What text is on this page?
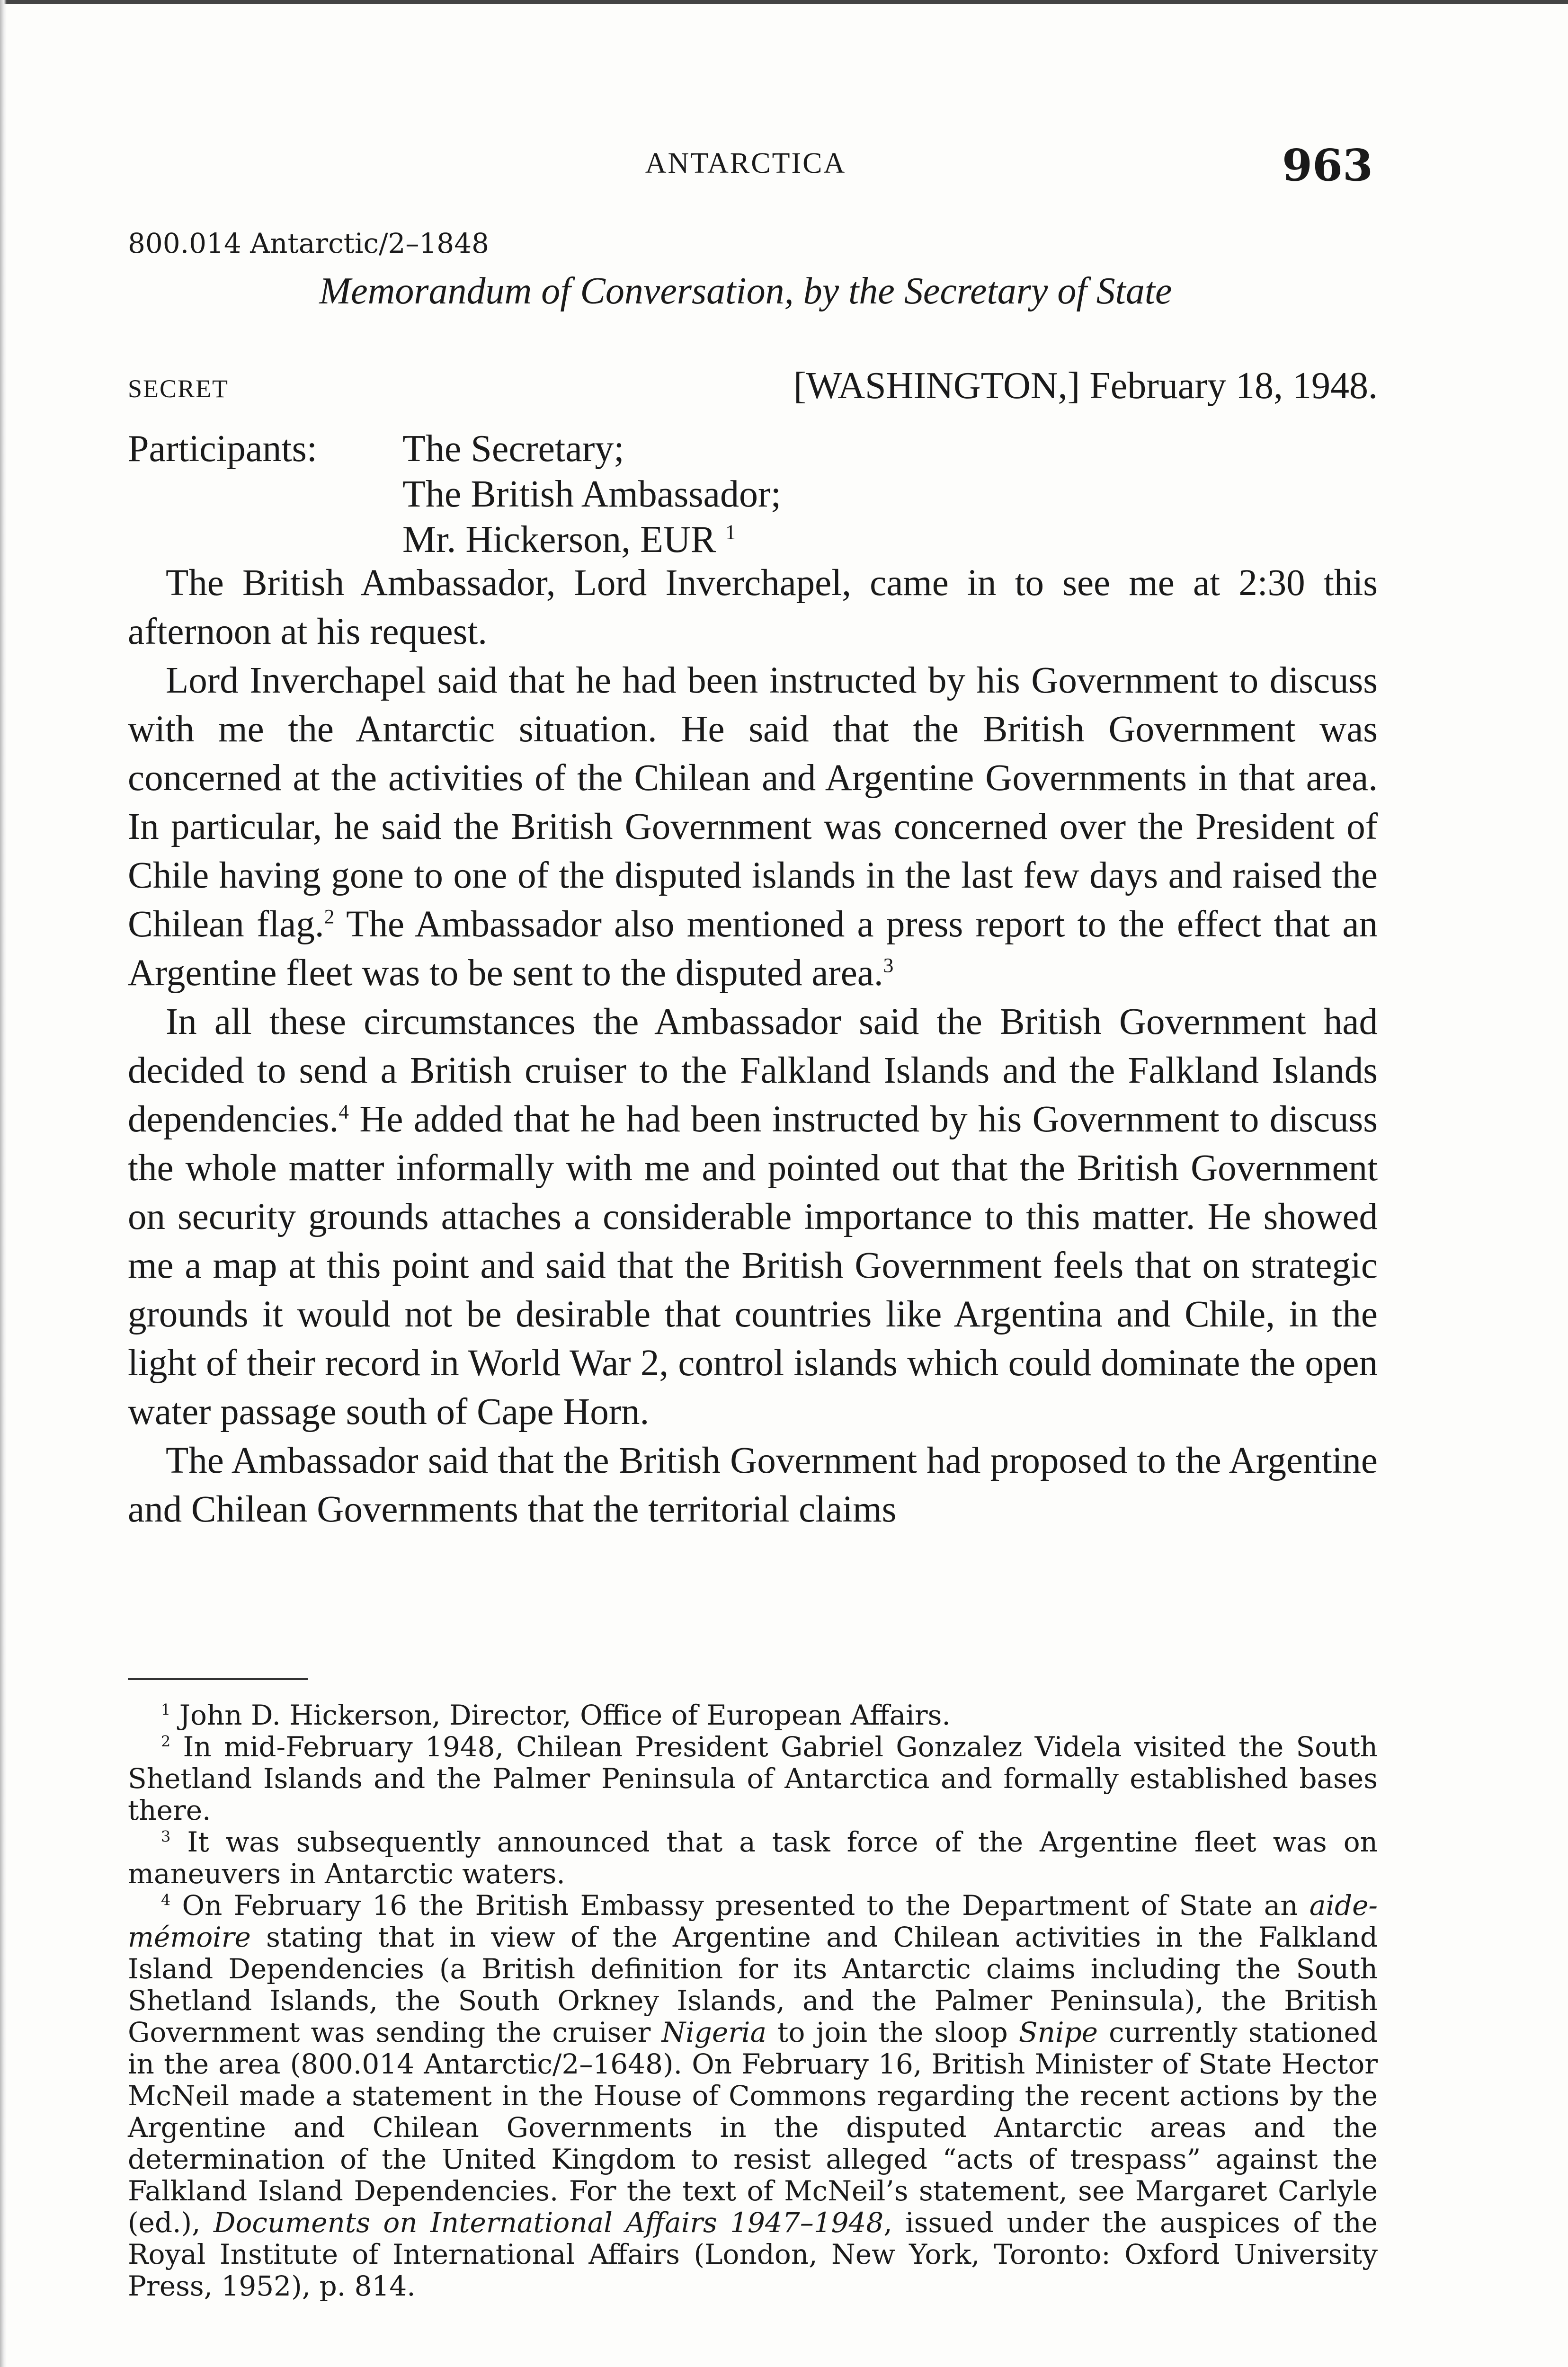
ANTARCTICA	963
800.014 Antarctic/2–1848
Memorandum of Conversation, by the Secretary of State
SECRET	[WASHINGTON,] February 18, 1948.
Participants: The Secretary;
The British Ambassador;
Mr. Hickerson, EUR $^1$

The British Ambassador, Lord Inverchapel, came in to see me at 2:30 this afternoon at his request.

Lord Inverchapel said that he had been instructed by his Government to discuss with me the Antarctic situation. He said that the British Government was concerned at the activities of the Chilean and Argentine Governments in that area. In particular, he said the British Government was concerned over the President of Chile having gone to one of the disputed islands in the last few days and raised the Chilean flag.$^2$ The Ambassador also mentioned a press report to the effect that an Argentine fleet was to be sent to the disputed area.$^3$

In all these circumstances the Ambassador said the British Government had decided to send a British cruiser to the Falkland Islands and the Falkland Islands dependencies.$^4$ He added that he had been instructed by his Government to discuss the whole matter informally with me and pointed out that the British Government on security grounds attaches a considerable importance to this matter. He showed me a map at this point and said that the British Government feels that on strategic grounds it would not be desirable that countries like Argentina and Chile, in the light of their record in World War 2, control islands which could dominate the open water passage south of Cape Horn.

The Ambassador said that the British Government had proposed to the Argentine and Chilean Governments that the territorial claims

$^1$ John D. Hickerson, Director, Office of European Affairs.

$^2$ In mid-February 1948, Chilean President Gabriel Gonzalez Videla visited the South Shetland Islands and the Palmer Peninsula of Antarctica and formally established bases there.

$^3$ It was subsequently announced that a task force of the Argentine fleet was on maneuvers in Antarctic waters.

$^4$ On February 16 the British Embassy presented to the Department of State an aide-mémoire stating that in view of the Argentine and Chilean activities in the Falkland Island Dependencies (a British definition for its Antarctic claims including the South Shetland Islands, the South Orkney Islands, and the Palmer Peninsula), the British Government was sending the cruiser Nigeria to join the sloop Snipe currently stationed in the area (800.014 Antarctic/2–1648). On February 16, British Minister of State Hector McNeil made a statement in the House of Commons regarding the recent actions by the Argentine and Chilean Governments in the disputed Antarctic areas and the determination of the United Kingdom to resist alleged “acts of trespass” against the Falkland Island Dependencies. For the text of McNeil’s statement, see Margaret Carlyle (ed.), Documents on International Affairs 1947–1948, issued under the auspices of the Royal Institute of International Affairs (London, New York, Toronto: Oxford University Press, 1952), p. 814.
